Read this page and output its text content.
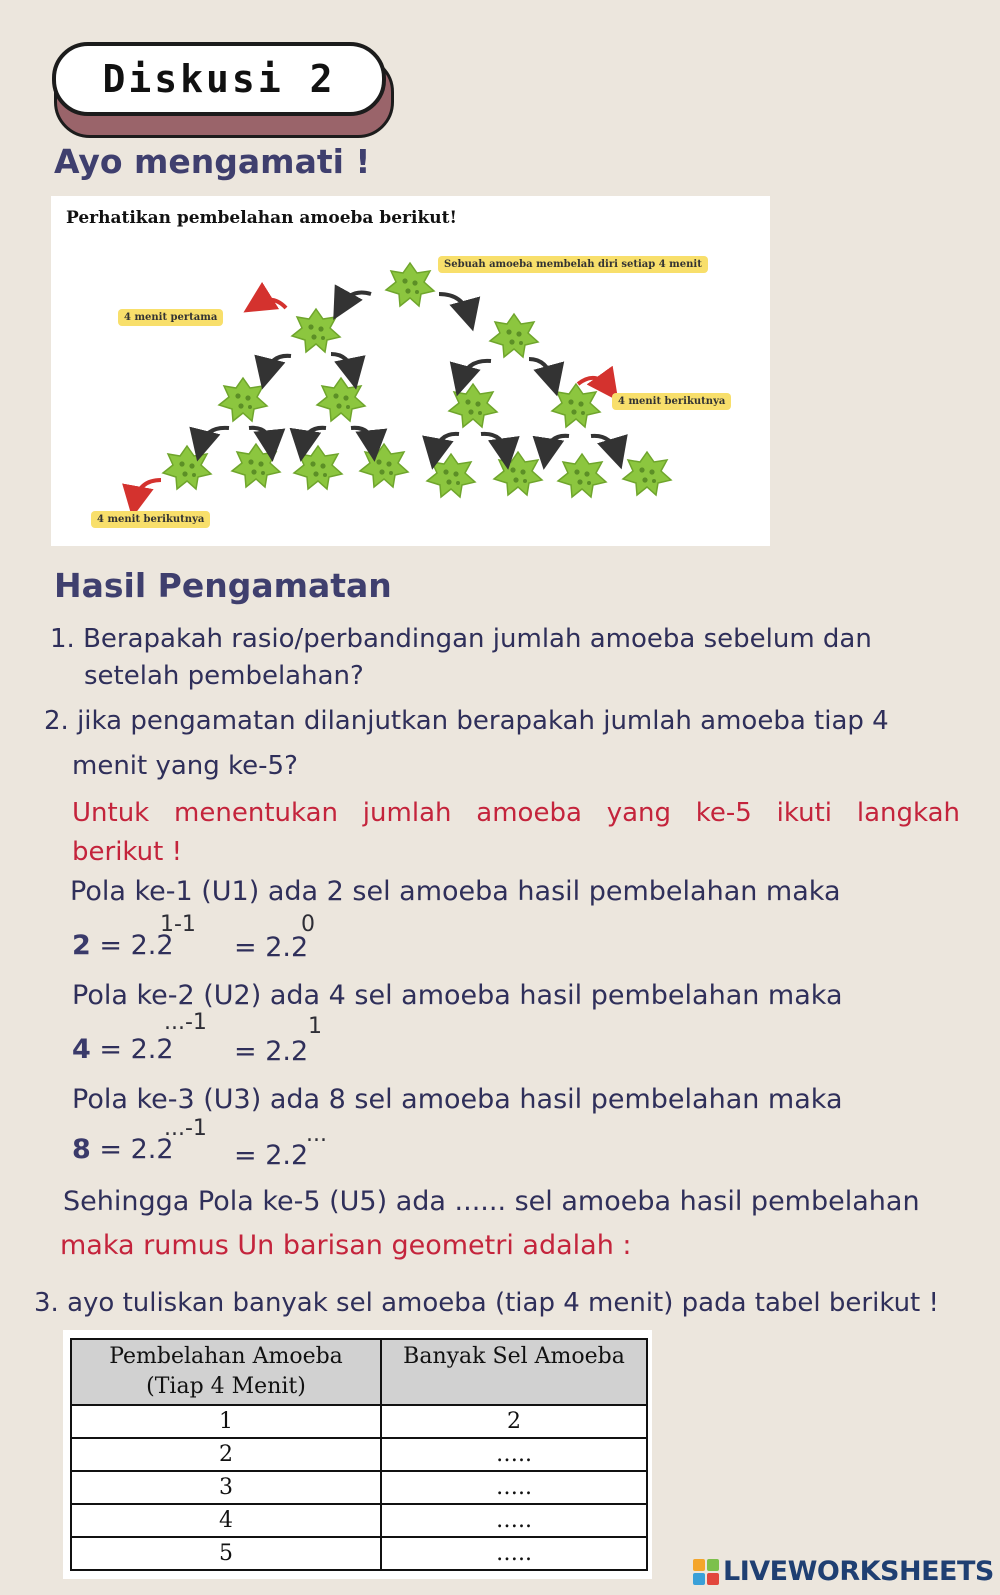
Diskusi 2
Ayo mengamati !
Perhatikan pembelahan amoeba berikut!
Sebuah amoeba membelah diri setiap 4 menit
4 menit pertama
4 menit berikutnya
4 menit berikutnya
Hasil Pengamatan
1. Berapakah rasio/perbandingan jumlah amoeba sebelum dan
setelah pembelahan?
2. jika pengamatan dilanjutkan berapakah jumlah amoeba tiap 4
menit yang ke-5?
Untuk menentukan jumlah amoeba yang ke-5 ikuti langkah
berikut !
Pola ke-1 (U1) ada 2 sel amoeba hasil pembelahan maka
2 = 2.2
1-1
= 2.2
0
Pola ke-2 (U2) ada 4 sel amoeba hasil pembelahan maka
4 = 2.2
...-1
= 2.2
1
Pola ke-3 (U3) ada 8 sel amoeba hasil pembelahan maka
8 = 2.2
...-1
= 2.2
...
Sehingga Pola ke-5 (U5) ada ...... sel amoeba hasil pembelahan
maka rumus Un barisan geometri adalah :
3. ayo tuliskan banyak sel amoeba (tiap 4 menit) pada tabel berikut !
Pembelahan Amoeba
(Tiap 4 Menit)	Banyak Sel Amoeba
1	2
2	…..
3	…..
4	…..
5	…..
LIVEWORKSHEETS
